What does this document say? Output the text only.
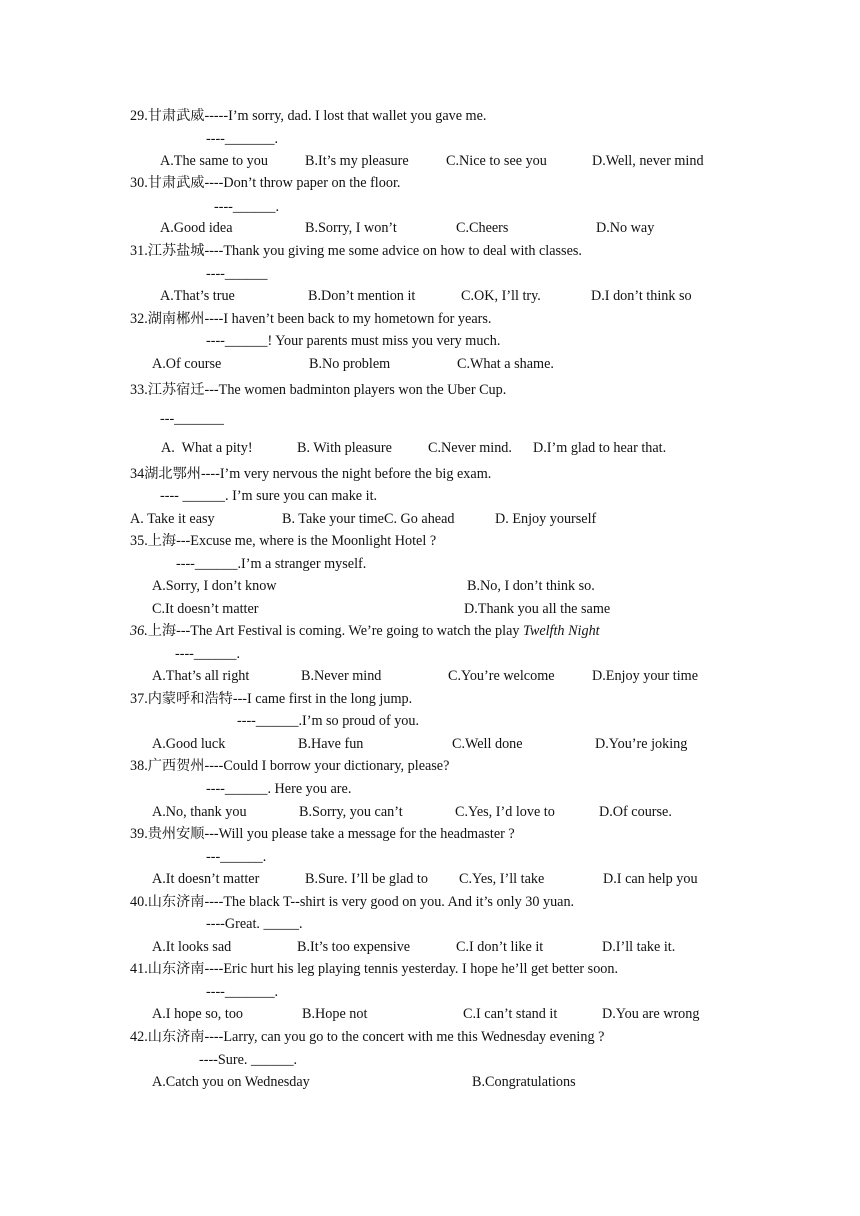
29.甘肃武威-----I’m sorry, dad. I lost that wallet you gave me.
----_______.
A.The same to you	B.It’s my pleasure	C.Nice to see you	D.Well, never mind
30.甘肃武威----Don’t throw paper on the floor.
----______.
A.Good idea	B.Sorry, I won’t	C.Cheers	D.No way
31.江苏盐城----Thank you giving me some advice on how to deal with classes.
----______
A.That’s true	B.Don’t mention it	C.OK, I’ll try.	D.I don’t think so
32.湖南郴州----I haven’t been back to my hometown for years.
----______! Your parents must miss you very much.
A.Of course	B.No problem	C.What a shame.
33.江苏宿迁---The women badminton players won the Uber Cup.
---_______
A.  What a pity!	B. With pleasure	C.Never mind. D.I’m glad to hear that.
34湖北鄂州----I’m very nervous the night before the big exam.
---- ______. I’m sure you can make it.
A. Take it easy	B. Take your timeC. Go ahead	D. Enjoy yourself
35.上海---Excuse me, where is the Moonlight Hotel ?
----______.I’m a stranger myself.
A.Sorry, I don’t know	B.No, I don’t think so.
C.It doesn’t matter	D.Thank you all the same
36.上海---The Art Festival is coming. We’re going to watch the play Twelfth Night
----______.
A.That’s all right	B.Never mind	C.You’re welcome	D.Enjoy your time
37.内蒙呼和浩特---I came first in the long jump.
----______.I’m so proud of you.
A.Good luck	B.Have fun	C.Well done	D.You’re joking
38.广西贺州----Could I borrow your dictionary, please?
----______. Here you are.
A.No, thank you	B.Sorry, you can’t	C.Yes, I’d love to	D.Of course.
39.贵州安顺---Will you please take a message for the headmaster ?
---______.
A.It doesn’t matter	B.Sure. I’ll be glad to C.Yes, I’ll take	D.I can help you
40.山东济南----The black T--shirt is very good on you. And it’s only 30 yuan.
----Great. _____.
A.It looks sad	B.It’s too expensive	C.I don’t like it	D.I’ll take it.
41.山东济南----Eric hurt his leg playing tennis yesterday. I hope he’ll get better soon.
----_______.
A.I hope so, too	B.Hope not	C.I can’t stand it	D.You are wrong
42.山东济南----Larry, can you go to the concert with me this Wednesday evening ?
----Sure. ______.
A.Catch you on Wednesday	B.Congratulations
